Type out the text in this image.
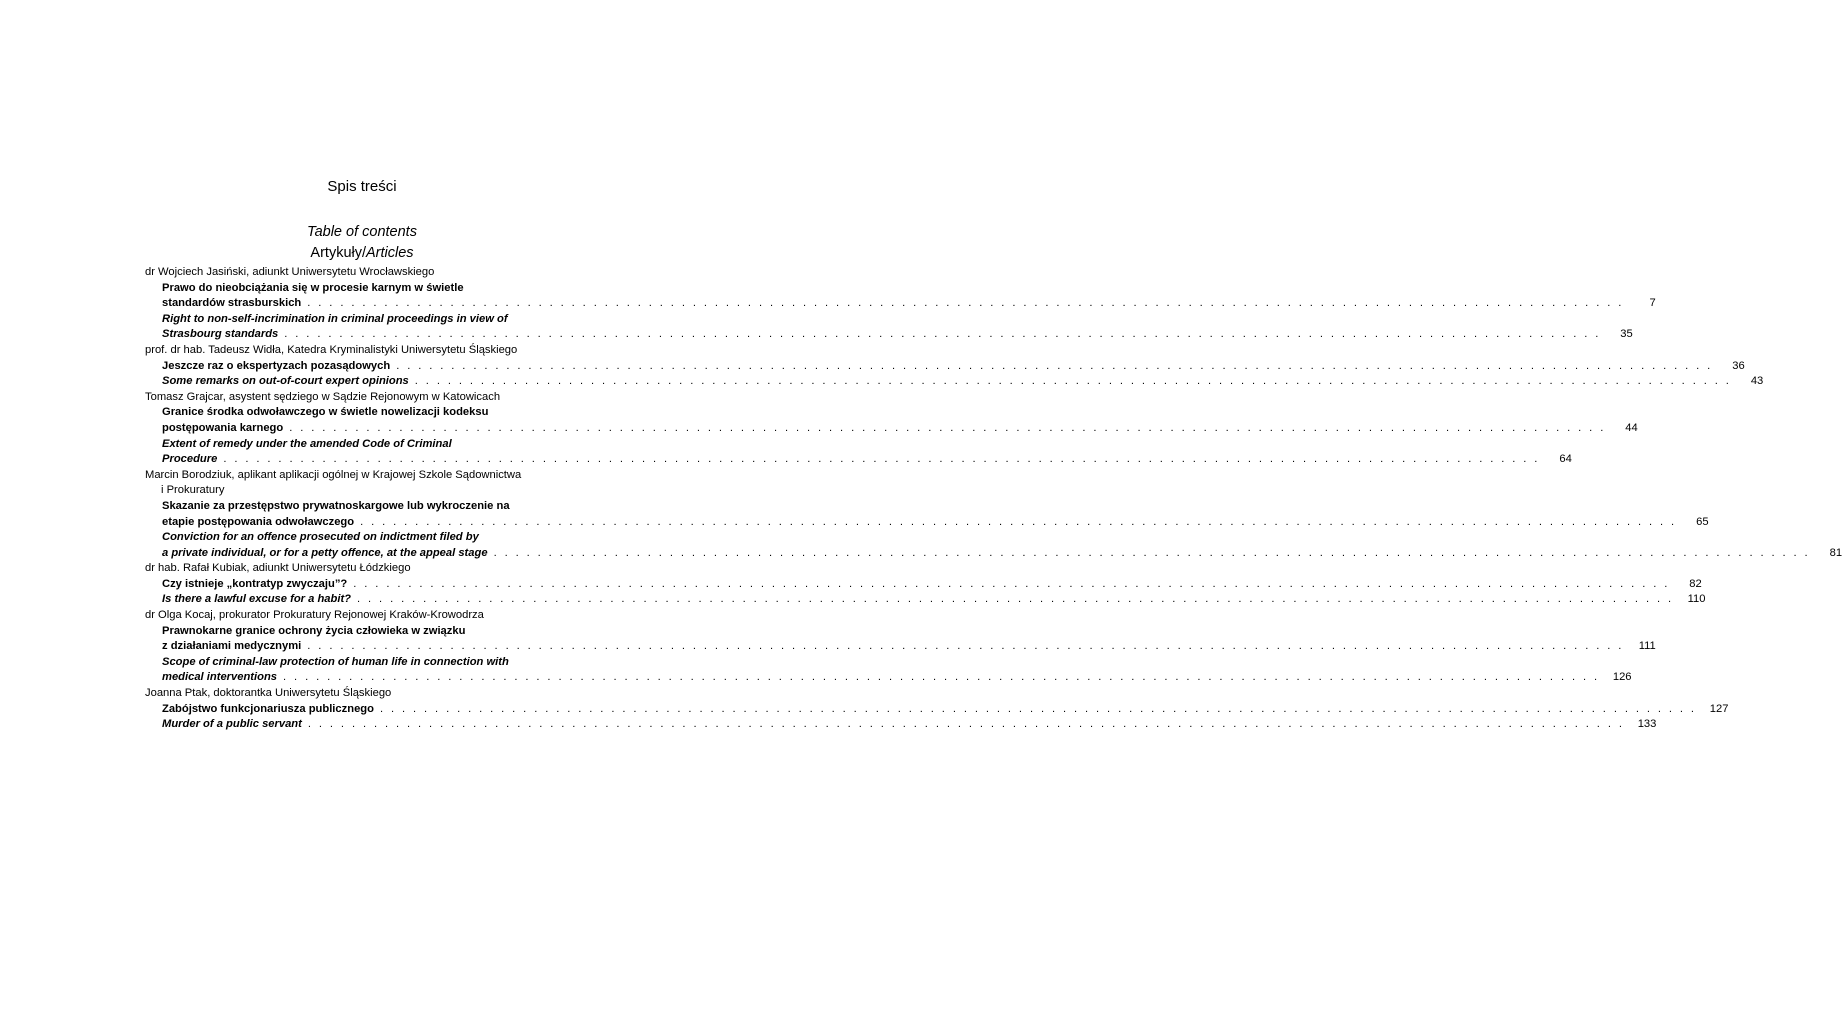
Spis treści
Table of contents
Artykuły/Articles
dr Wojciech Jasiński, adiunkt Uniwersytetu Wrocławskiego
Prawo do nieobciążania się w procesie karnym w świetle
standardów strasburskich . . . . . . . . . . . . . . . . . . . . . . . . . . . . . . . . . . . . . . . . . . . . . . . . . . . . . . . . . . . . . . . . . . . . . . . . . . . . . . . . . . . . . . . . . . . . . . . . . . . . . . . . . . . . . . . . . . . . . . . .	7
Right to non-self-incrimination in criminal proceedings in view of
Strasbourg standards . . . . . . . . . . . . . . . . . . . . . . . . . . . . . . . . . . . . . . . . . . . . . . . . . . . . . . . . . . . . . . . . . . . . . . . . . . . . . . . . . . . . . . . . . . . . . . . . . . . . . . . . . . . . . . . . . . . . . . . .	35
prof. dr hab. Tadeusz Widła, Katedra Kryminalistyki Uniwersytetu Śląskiego
Jeszcze raz o ekspertyzach pozasądowych . . . . . . . . . . . . . . . . . . . . . . . . . . . . . . . . . . . . . . . . . . . . . . . . . . . . . . . . . . . . . . . . . . . . . . . . . . . . . . . . . . . . . . . . . . . . . . . . . . . . . . . . . . . . . . . . . . . . . . . .	36
Some remarks on out-of-court expert opinions . . . . . . . . . . . . . . . . . . . . . . . . . . . . . . . . . . . . . . . . . . . . . . . . . . . . . . . . . . . . . . . . . . . . . . . . . . . . . . . . . . . . . . . . . . . . . . . . . . . . . . . . . . . . . . . . . . . . . . . .	43
Tomasz Grajcar, asystent sędziego w Sądzie Rejonowym w Katowicach
Granice środka odwoławczego w świetle nowelizacji kodeksu
postępowania karnego . . . . . . . . . . . . . . . . . . . . . . . . . . . . . . . . . . . . . . . . . . . . . . . . . . . . . . . . . . . . . . . . . . . . . . . . . . . . . . . . . . . . . . . . . . . . . . . . . . . . . . . . . . . . . . . . . . . . . . . .	44
Extent of remedy under the amended Code of Criminal
Procedure . . . . . . . . . . . . . . . . . . . . . . . . . . . . . . . . . . . . . . . . . . . . . . . . . . . . . . . . . . . . . . . . . . . . . . . . . . . . . . . . . . . . . . . . . . . . . . . . . . . . . . . . . . . . . . . . . . . . . . . .	64
Marcin Borodziuk, aplikant aplikacji ogólnej w Krajowej Szkole Sądownictwa
i Prokuratury
Skazanie za przestępstwo prywatnoskargowe lub wykroczenie na
etapie postępowania odwoławczego . . . . . . . . . . . . . . . . . . . . . . . . . . . . . . . . . . . . . . . . . . . . . . . . . . . . . . . . . . . . . . . . . . . . . . . . . . . . . . . . . . . . . . . . . . . . . . . . . . . . . . . . . . . . . . . . . . . . . . . .	65
Conviction for an offence prosecuted on indictment filed by
a private individual, or for a petty offence, at the appeal stage . . . . . . . . . . . . . . . . . . . . . . . . . . . . . . . . . . . . . . . . . . . . . . . . . . . . . . . . . . . . . . . . . . . . . . . . . . . . . . . . . . . . . . . . . . . . . . . . . . . . . . . . . . . . . . . . . . . . . . . .	81
dr hab. Rafał Kubiak, adiunkt Uniwersytetu Łódzkiego
Czy istnieje „kontratyp zwyczaju”? . . . . . . . . . . . . . . . . . . . . . . . . . . . . . . . . . . . . . . . . . . . . . . . . . . . . . . . . . . . . . . . . . . . . . . . . . . . . . . . . . . . . . . . . . . . . . . . . . . . . . . . . . . . . . . . . . . . . . . . .	82
Is there a lawful excuse for a habit? . . . . . . . . . . . . . . . . . . . . . . . . . . . . . . . . . . . . . . . . . . . . . . . . . . . . . . . . . . . . . . . . . . . . . . . . . . . . . . . . . . . . . . . . . . . . . . . . . . . . . . . . . . . . . . . . . . . . . . . .	110
dr Olga Kocaj, prokurator Prokuratury Rejonowej Kraków-Krowodrza
Prawnokarne granice ochrony życia człowieka w związku
z działaniami medycznymi . . . . . . . . . . . . . . . . . . . . . . . . . . . . . . . . . . . . . . . . . . . . . . . . . . . . . . . . . . . . . . . . . . . . . . . . . . . . . . . . . . . . . . . . . . . . . . . . . . . . . . . . . . . . . . . . . . . . . . . .	111
Scope of criminal-law protection of human life in connection with
medical interventions . . . . . . . . . . . . . . . . . . . . . . . . . . . . . . . . . . . . . . . . . . . . . . . . . . . . . . . . . . . . . . . . . . . . . . . . . . . . . . . . . . . . . . . . . . . . . . . . . . . . . . . . . . . . . . . . . . . . . . . .	126
Joanna Ptak, doktorantka Uniwersytetu Śląskiego
Zabójstwo funkcjonariusza publicznego . . . . . . . . . . . . . . . . . . . . . . . . . . . . . . . . . . . . . . . . . . . . . . . . . . . . . . . . . . . . . . . . . . . . . . . . . . . . . . . . . . . . . . . . . . . . . . . . . . . . . . . . . . . . . . . . . . . . . . . .	127
Murder of a public servant . . . . . . . . . . . . . . . . . . . . . . . . . . . . . . . . . . . . . . . . . . . . . . . . . . . . . . . . . . . . . . . . . . . . . . . . . . . . . . . . . . . . . . . . . . . . . . . . . . . . . . . . . . . . . . . . . . . . . . . .	133
